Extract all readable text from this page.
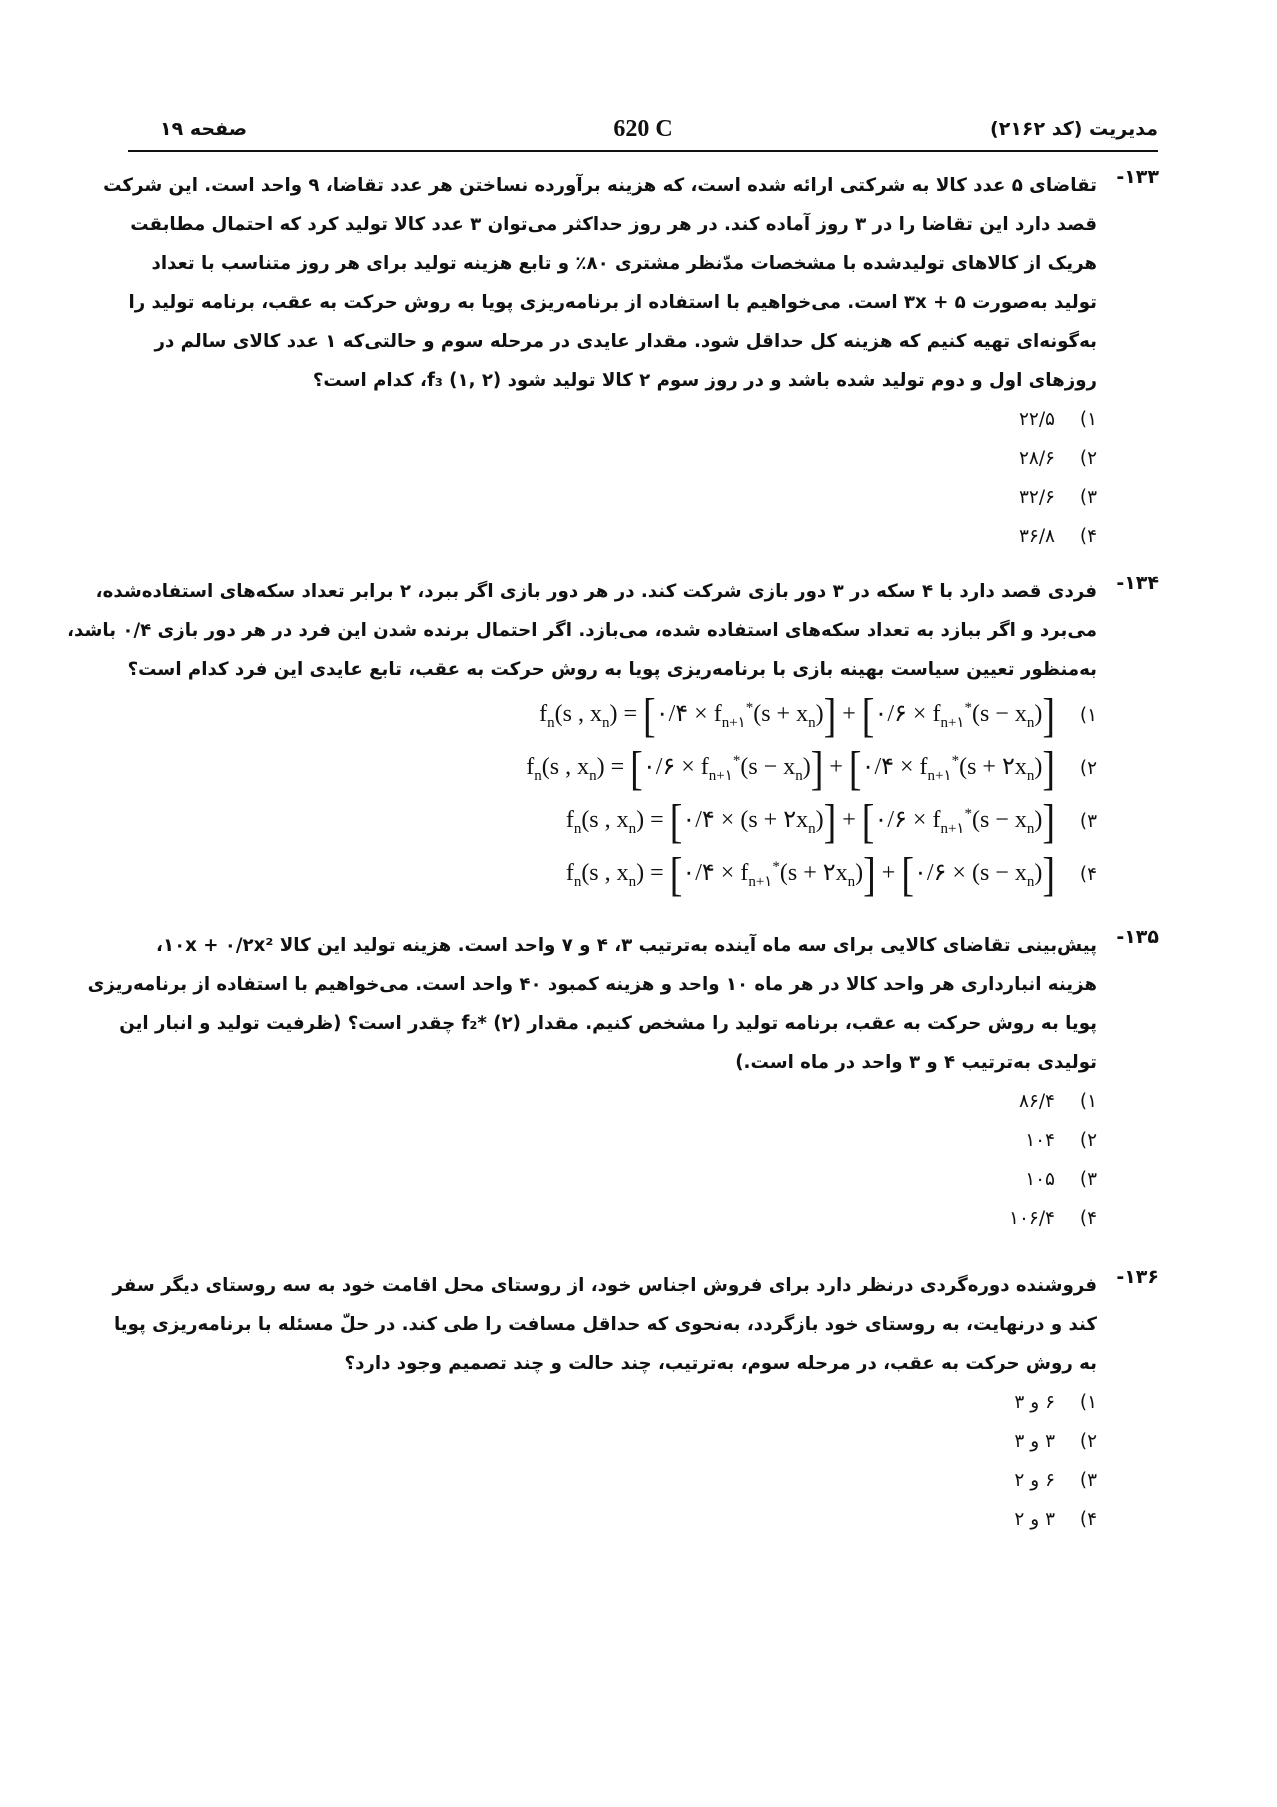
مدیریت (کد ۲۱۶۲)
620 C
صفحه ۱۹
۱۳۳-
تقاضای ۵ عدد کالا به شرکتی ارائه شده است، که هزینه برآورده نساختن هر عدد تقاضا، ۹ واحد است. این شرکت
قصد دارد این تقاضا را در ۳ روز آماده کند. در هر روز حداکثر می‌توان ۳ عدد کالا تولید کرد که احتمال مطابقت
هریک از کالاهای تولیدشده با مشخصات مدّنظر مشتری ۸۰٪ و تابع هزینه تولید برای هر روز متناسب با تعداد
تولید به‌صورت ۳x + ۵ است. می‌خواهیم با استفاده از برنامه‌ریزی پویا به روش حرکت به عقب، برنامه تولید را
به‌گونه‌ای تهیه کنیم که هزینه کل حداقل شود. مقدار عایدی در مرحله سوم و حالتی‌که ۱ عدد کالای سالم در
روزهای اول و دوم تولید شده باشد و در روز سوم ۲ کالا تولید شود f₃ (۱, ۲)، کدام است؟
۱)
۲۲/۵
۲)
۲۸/۶
۳)
۳۲/۶
۴)
۳۶/۸
۱۳۴-
فردی قصد دارد با ۴ سکه در ۳ دور بازی شرکت کند. در هر دور بازی اگر ببرد، ۲ برابر تعداد سکه‌های استفاده‌شده،
می‌برد و اگر ببازد به تعداد سکه‌های استفاده شده، می‌بازد. اگر احتمال برنده شدن این فرد در هر دور بازی ۰/۴ باشد،
به‌منظور تعیین سیاست بهینه بازی با برنامه‌ریزی پویا به روش حرکت به عقب، تابع عایدی این فرد کدام است؟
۱)
$f_n(s$ , $x_n$) = [۰/۴ × $f_{n+۱}^*(s + x_n)$] + [۰/۶ × $f_{n+۱}^*(s - x_n)$]
۲)
$f_n(s$ , $x_n$) = [۰/۶ × $f_{n+۱}^*(s - x_n)$] + [۰/۴ × $f_{n+۱}^*(s$ + $۲x_n$)]
۳)
$f_n(s$ , $x_n$) = [۰/۴ × $(s + ۲x_n)$] + [۰/۶ × $f_{n+۱}^*(s - x_n)$]
۴)
$f_n(s$ , $x_n$) = [۰/۴ × $f_{n+۱}^*(s$ + $۲x_n$)] + [۰/۶ × $(s - x_n)$]
۱۳۵-
پیش‌بینی تقاضای کالایی برای سه ماه آینده به‌ترتیب ۳، ۴ و ۷ واحد است. هزینه تولید این کالا ۱۰x + ۰/۲x²،
هزینه انبارداری هر واحد کالا در هر ماه ۱۰ واحد و هزینه کمبود ۴۰ واحد است. می‌خواهیم با استفاده از برنامه‌ریزی
پویا به روش حرکت به عقب، برنامه تولید را مشخص کنیم. مقدار f₂* (۲) چقدر است؟ (ظرفیت تولید و انبار این
تولیدی به‌ترتیب ۴ و ۳ واحد در ماه است.)
۱)
۸۶/۴
۲)
۱۰۴
۳)
۱۰۵
۴)
۱۰۶/۴
۱۳۶-
فروشنده دوره‌گردی درنظر دارد برای فروش اجناس خود، از روستای محل اقامت خود به سه روستای دیگر سفر
کند و درنهایت، به روستای خود بازگردد، به‌نحوی که حداقل مسافت را طی کند. در حلّ مسئله با برنامه‌ریزی پویا
به روش حرکت به عقب، در مرحله سوم، به‌ترتیب، چند حالت و چند تصمیم وجود دارد؟
۱)
۶ و ۳
۲)
۳ و ۳
۳)
۶ و ۲
۴)
۳ و ۲
